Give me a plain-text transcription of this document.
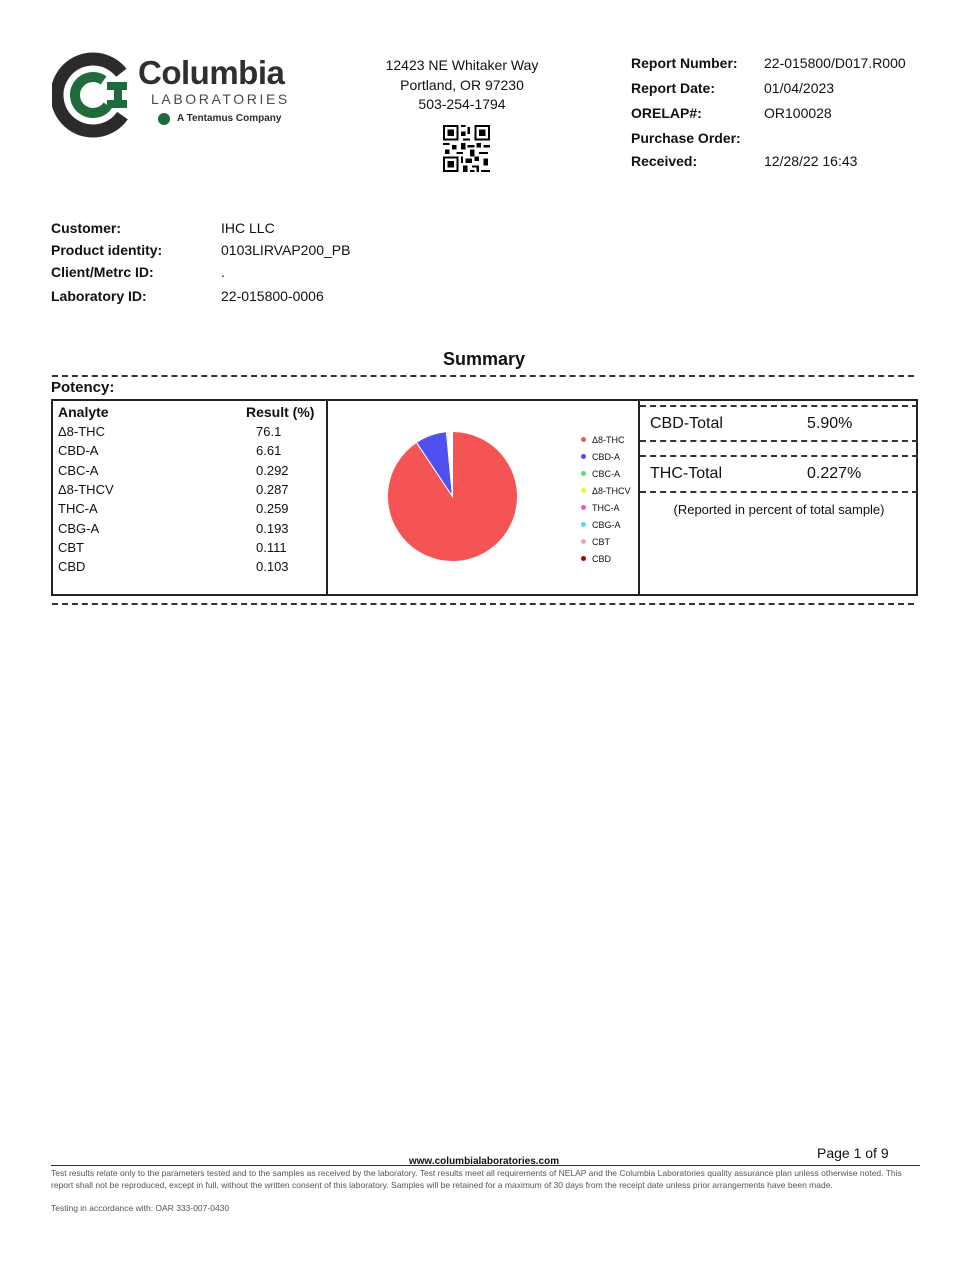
Columbia
LABORATORIES
A Tentamus Company
12423 NE Whitaker Way
Portland, OR 97230
503-254-1794
Report Number: 22-015800/D017.R000
Report Date:	01/04/2023
ORELAP#:	OR100028
Purchase Order:
Received:	12/28/22 16:43
Customer:	IHC LLC
Product identity:	0103LIRVAP200_PB
Client/Metrc ID:	.
Laboratory ID:	22-015800-0006
Summary
Potency:
Analyte	Result (%)
Δ8-THC	76.1
CBD-A	6.61
CBC-A	0.292
Δ8-THCV	0.287
THC-A	0.259
CBG-A	0.193
CBT	0.111
CBD	0.103
Δ8-THC
CBD-A
CBC-A
Δ8-THCV
THC-A
CBG-A
CBT
CBD
CBD-Total	5.90%
THC-Total	0.227%
(Reported in percent of total sample)
www.columbialaboratories.com
Page 1 of 9
Test results relate only to the parameters tested and to the samples as received by the laboratory. Test results meet all requirements of NELAP and the Columbia Laboratories quality assurance plan unless otherwise noted. This report shall not be reproduced, except in full, without the written consent of this laboratory. Samples will be retained for a maximum of 30 days from the receipt date unless prior arrangements have been made.
Testing in accordance with: OAR 333-007-0430
